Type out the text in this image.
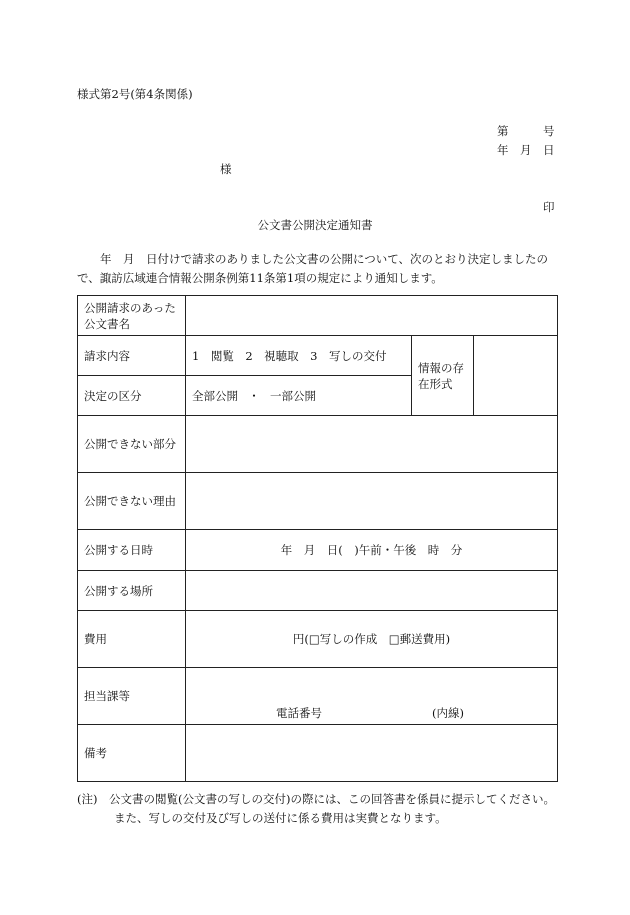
様式第2号(第4条関係)
第　　　号
年　月　日
様
印
公文書公開決定通知書
年　月　日付けで請求のありました公文書の公開について、次のとおり決定しましたので、諏訪広域連合情報公開条例第11条第1項の規定により通知します。
公開請求のあった公文書名			
請求内容	1　閲覧　2　視聴取　3　写しの交付	情報の存在形式	
決定の区分	全部公開 ・ 一部公開		
公開できない部分			
公開できない理由			
公開する日時	年　月　日(　)午前・午後　時　分		
公開する場所			
費用	円(□写しの作成　□郵送費用)		
担当課等	電話番号 (内線)		

備考			
(注)　公文書の閲覧(公文書の写しの交付)の際には、この回答書を係員に提示してください。また、写しの交付及び写しの送付に係る費用は実費となります。
